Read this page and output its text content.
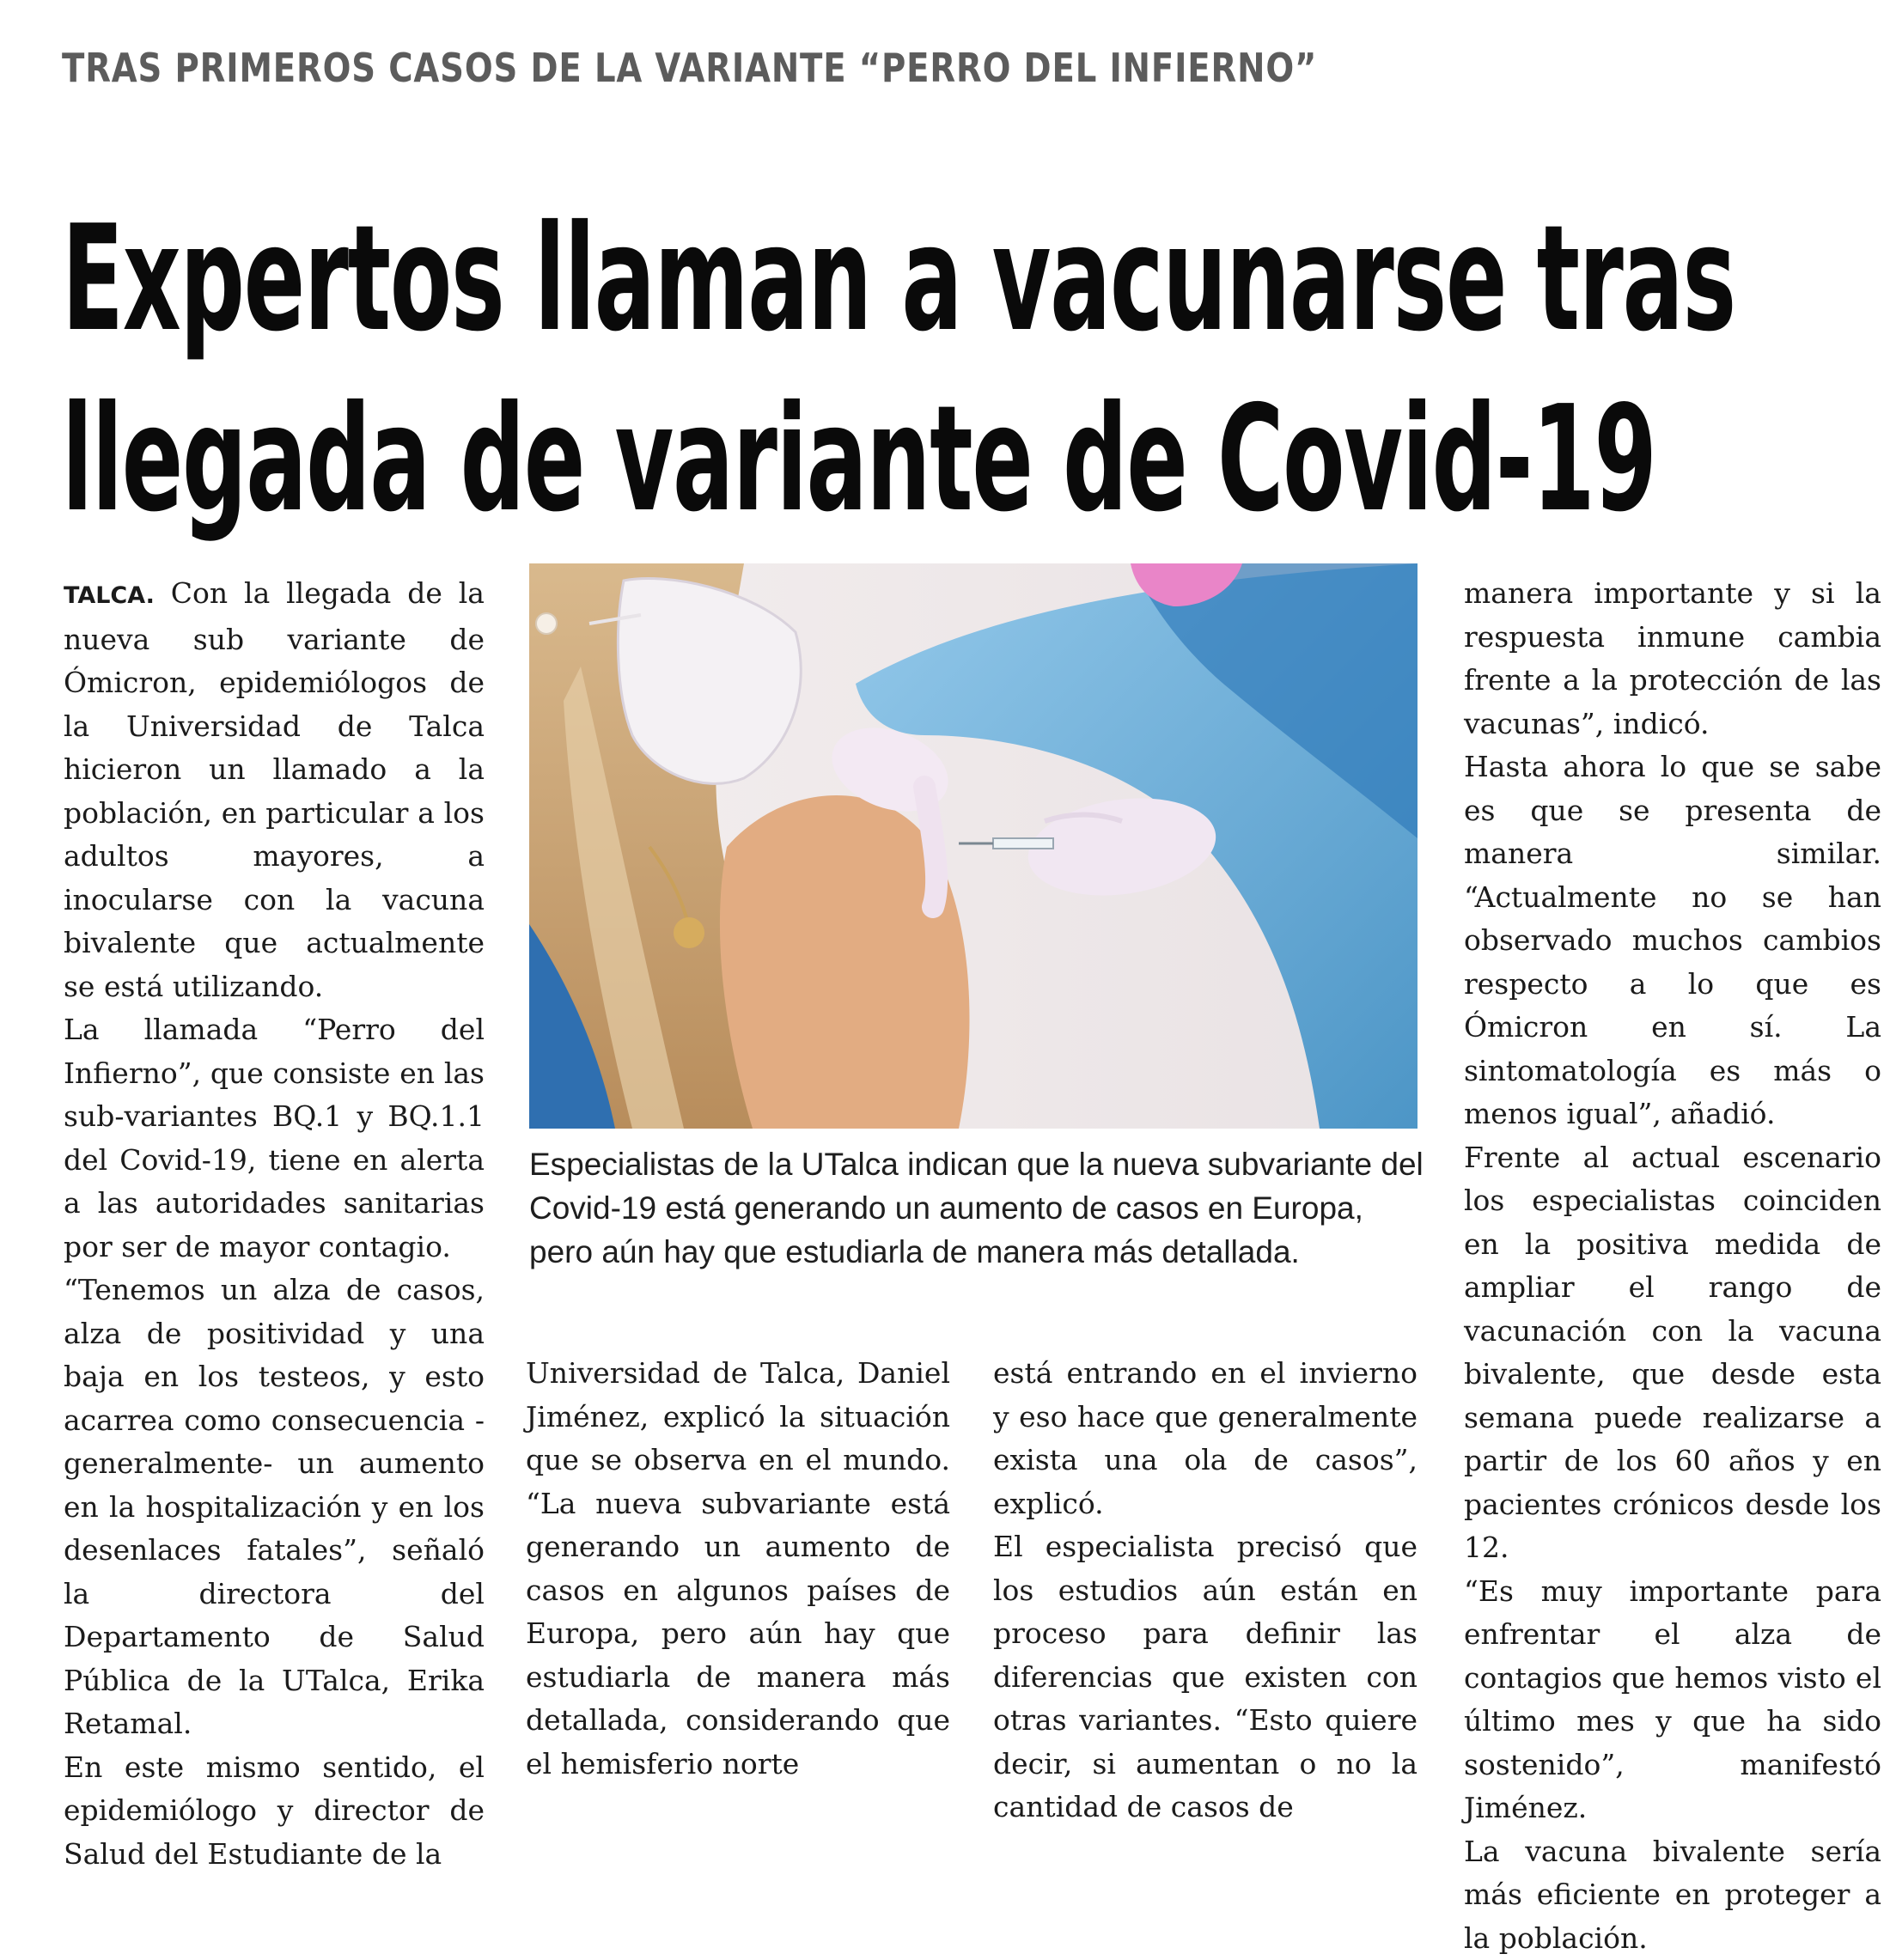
TRAS PRIMEROS CASOS DE LA VARIANTE “PERRO DEL INFIERNO”
Expertos llaman a vacunarse tras
llegada de variante de Covid-19

TALCA. Con la llegada de la nueva sub variante de Ómicron, epidemiólogos de la Universidad de Talca hicieron un llamado a la población, en particular a los adultos mayores, a inocularse con la vacuna bivalente que actualmente se está utilizando.

La llamada “Perro del Infierno”, que consiste en las sub-variantes BQ.1 y BQ.1.1 del Covid-19, tiene en alerta a las autoridades sanitarias por ser de mayor contagio.

“Tenemos un alza de casos, alza de positividad y una baja en los testeos, y esto acarrea como consecuencia -generalmente- un aumento en la hospitalización y en los desenlaces fatales”, señaló la directora del Departamento de Salud Pública de la UTalca, Erika Retamal.

En este mismo sentido, el epidemiólogo y director de Salud del Estudiante de la

Especialistas de la UTalca indican que la nueva subvariante del Covid-19 está generando un aumento de casos en Europa, pero aún hay que estudiarla de manera más detallada.

Universidad de Talca, Daniel Jiménez, explicó la situación que se observa en el mundo. “La nueva subvariante está generando un aumento de casos en algunos países de Europa, pero aún hay que estudiarla de manera más detallada, considerando que el hemisferio norte

está entrando en el invierno y eso hace que generalmente exista una ola de casos”, explicó.

El especialista precisó que los estudios aún están en proceso para definir las diferencias que existen con otras variantes. “Esto quiere decir, si aumentan o no la cantidad de casos de

manera importante y si la respuesta inmune cambia frente a la protección de las vacunas”, indicó.

Hasta ahora lo que se sabe es que se presenta de manera similar. “Actualmente no se han observado muchos cambios respecto a lo que es Ómicron en sí. La sintomatología es más o menos igual”, añadió.

Frente al actual escenario los especialistas coinciden en la positiva medida de ampliar el rango de vacunación con la vacuna bivalente, que desde esta semana puede realizarse a partir de los 60 años y en pacientes crónicos desde los 12.

“Es muy importante para enfrentar el alza de contagios que hemos visto el último mes y que ha sido sostenido”, manifestó Jiménez.

La vacuna bivalente sería más eficiente en proteger a la población.
